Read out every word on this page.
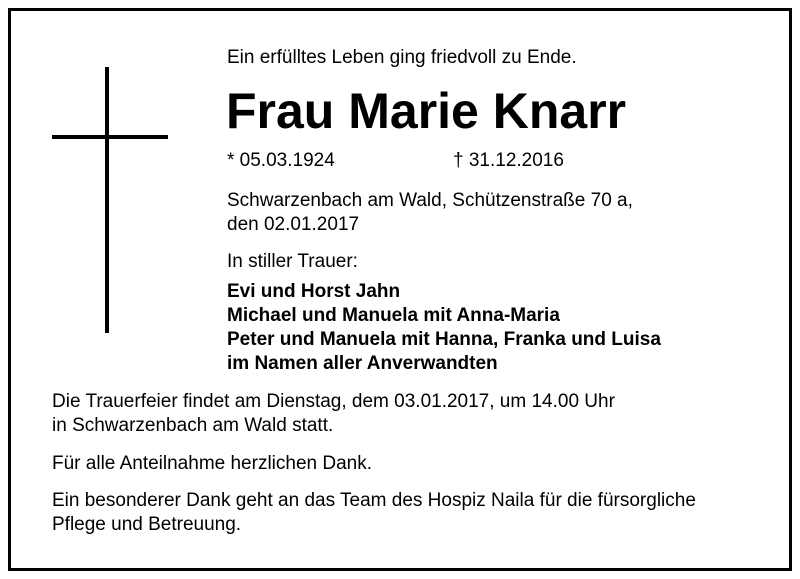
Ein erfülltes Leben ging friedvoll zu Ende.
Frau Marie Knarr
* 05.03.1924	† 31.12.2016
Schwarzenbach am Wald, Schützenstraße 70 a,
den 02.01.2017
In stiller Trauer:
Evi und Horst Jahn
Michael und Manuela mit Anna-Maria
Peter und Manuela mit Hanna, Franka und Luisa
im Namen aller Anverwandten
Die Trauerfeier findet am Dienstag, dem 03.01.2017, um 14.00 Uhr
in Schwarzenbach am Wald statt.
Für alle Anteilnahme herzlichen Dank.
Ein besonderer Dank geht an das Team des Hospiz Naila für die fürsorgliche
Pflege und Betreuung.
